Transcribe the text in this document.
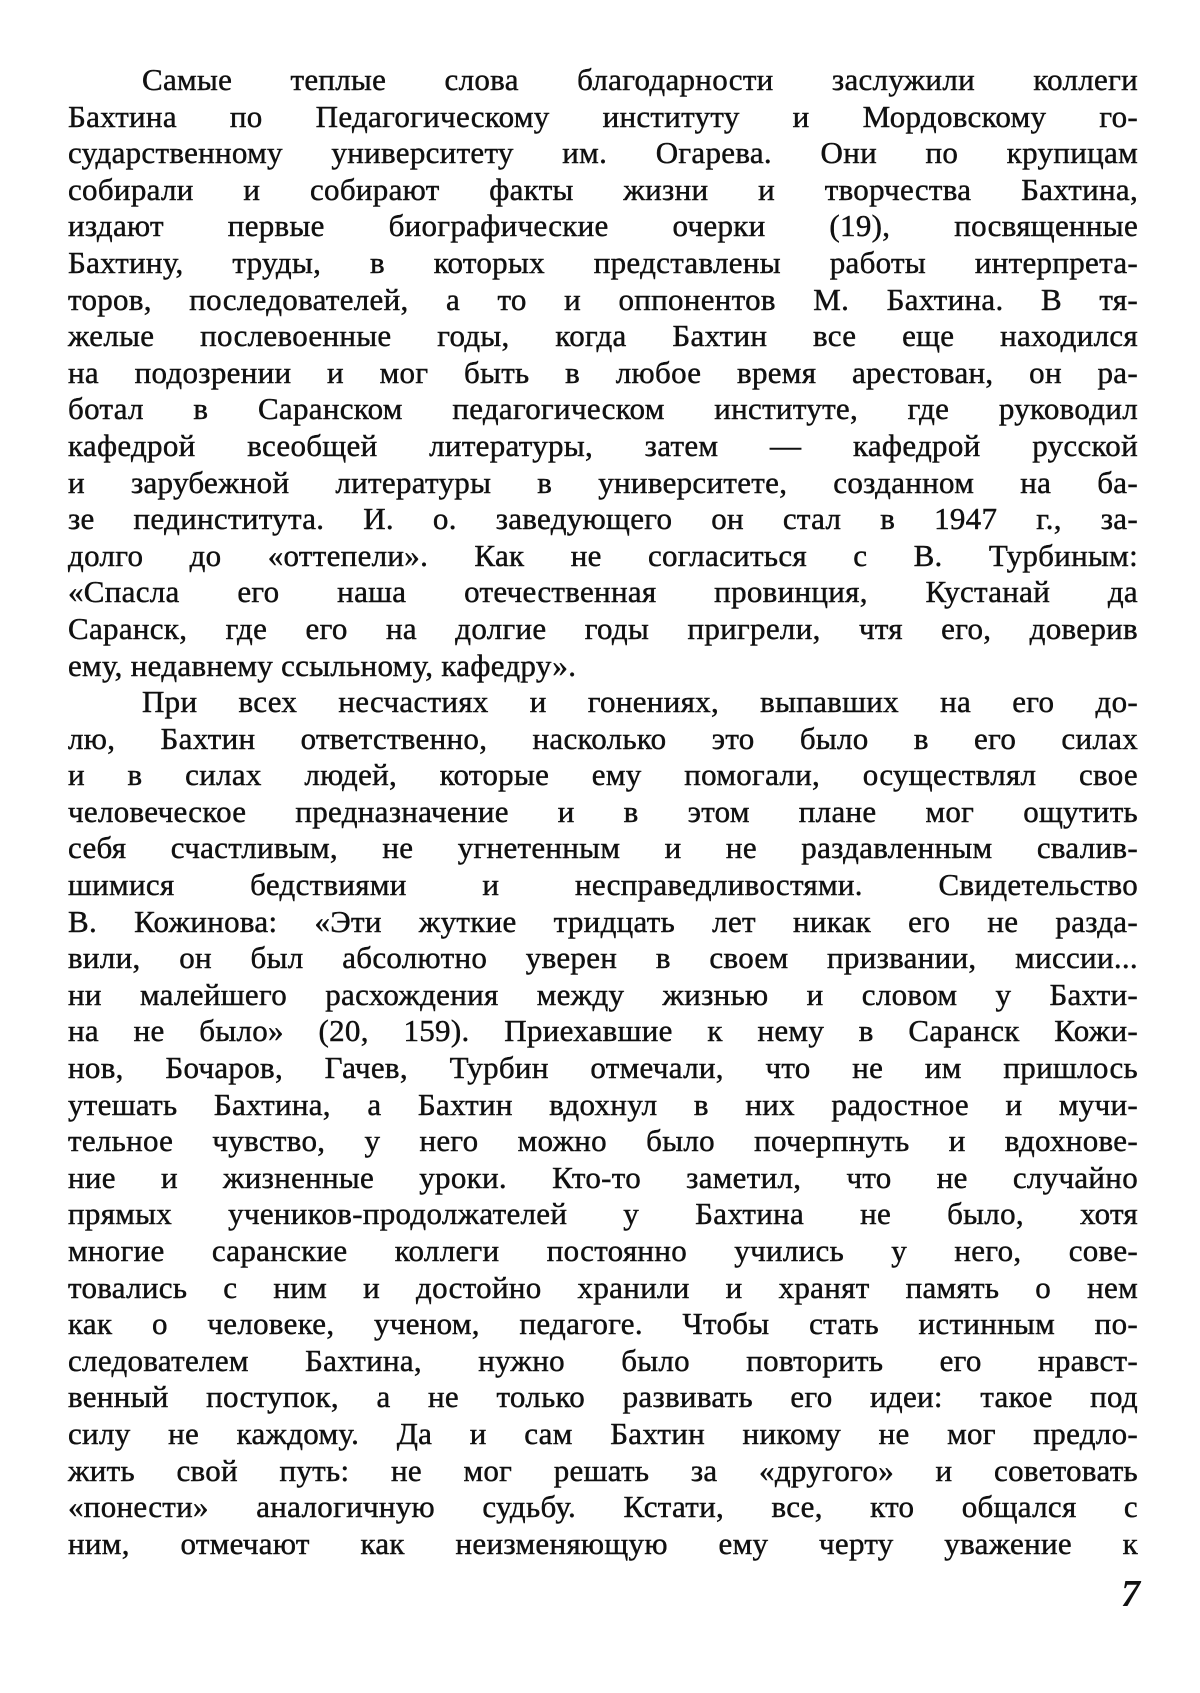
Самые теплые слова благодарности заслужили коллеги
Бахтина по Педагогическому институту и Мордовскому го-
сударственному университету им. Огарева. Они по крупицам
собирали и собирают факты жизни и творчества Бахтина,
издают первые биографические очерки (19), посвященные
Бахтину, труды, в которых представлены работы интерпрета-
торов, последователей, а то и оппонентов М. Бахтина. В тя-
желые послевоенные годы, когда Бахтин все еще находился
на подозрении и мог быть в любое время арестован, он ра-
ботал в Саранском педагогическом институте, где руководил
кафедрой всеобщей литературы, затем — кафедрой русской
и зарубежной литературы в университете, созданном на ба-
зе пединститута. И. о. заведующего он стал в 1947 г., за-
долго до «оттепели». Как не согласиться с В. Турбиным:
«Спасла его наша отечественная провинция, Кустанай да
Саранск, где его на долгие годы пригрели, чтя его, доверив
ему, недавнему ссыльному, кафедру».
При всех несчастиях и гонениях, выпавших на его до-
лю, Бахтин ответственно, насколько это было в его силах
и в силах людей, которые ему помогали, осуществлял свое
человеческое предназначение и в этом плане мог ощутить
себя счастливым, не угнетенным и не раздавленным свалив-
шимися бедствиями и несправедливостями. Свидетельство
В. Кожинова: «Эти жуткие тридцать лет никак его не разда-
вили, он был абсолютно уверен в своем призвании, миссии...
ни малейшего расхождения между жизнью и словом у Бахти-
на не было» (20, 159). Приехавшие к нему в Саранск Кожи-
нов, Бочаров, Гачев, Турбин отмечали, что не им пришлось
утешать Бахтина, а Бахтин вдохнул в них радостное и мучи-
тельное чувство, у него можно было почерпнуть и вдохнове-
ние и жизненные уроки. Кто-то заметил, что не случайно
прямых учеников-продолжателей у Бахтина не было, хотя
многие саранские коллеги постоянно учились у него, сове-
товались с ним и достойно хранили и хранят память о нем
как о человеке, ученом, педагоге. Чтобы стать истинным по-
следователем Бахтина, нужно было повторить его нравст-
венный поступок, а не только развивать его идеи: такое под
силу не каждому. Да и сам Бахтин никому не мог предло-
жить свой путь: не мог решать за «другого» и советовать
«понести» аналогичную судьбу. Кстати, все, кто общался с
ним, отмечают как неизменяющую ему черту уважение к
7
